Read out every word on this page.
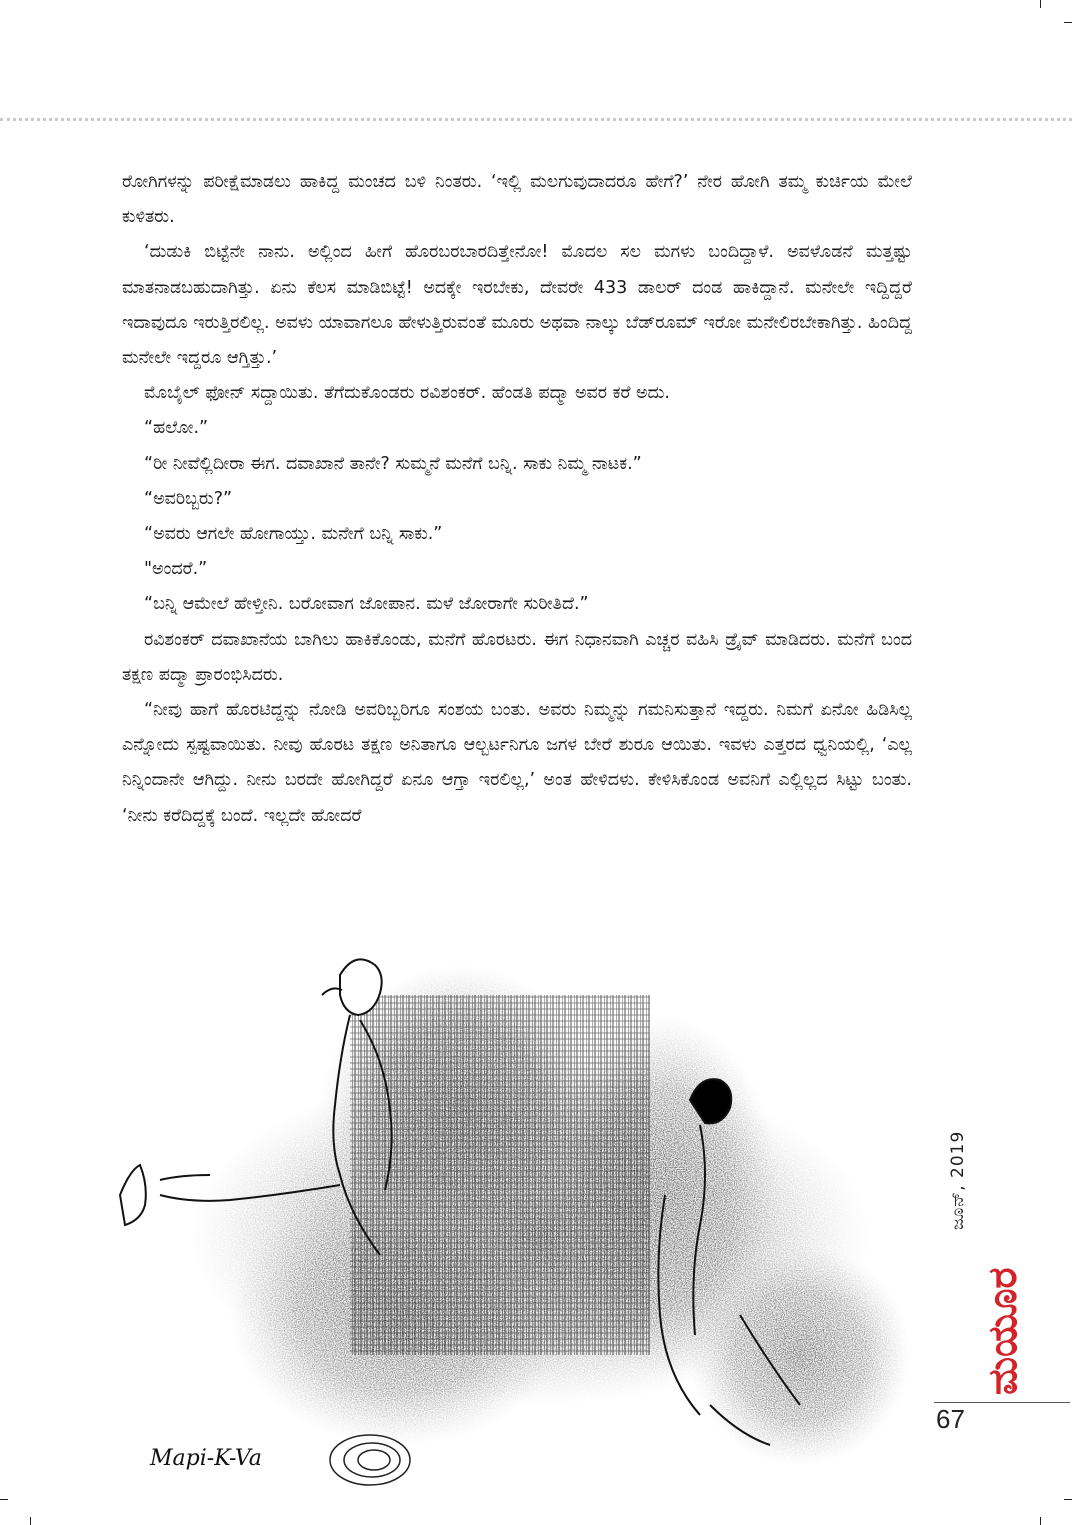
ರೋಗಿಗಳನ್ನು ಪರೀಕ್ಷೆಮಾಡಲು ಹಾಕಿದ್ದ ಮಂಚದ ಬಳಿ ನಿಂತರು. ‘ಇಲ್ಲಿ ಮಲಗುವುದಾದರೂ ಹೇಗೆ?’ ನೇರ ಹೋಗಿ ತಮ್ಮ ಕುರ್ಚಿಯ ಮೇಲೆ ಕುಳಿತರು.

‘ದುಡುಕಿ ಬಿಟ್ಟೆನೇ ನಾನು. ಅಲ್ಲಿಂದ ಹೀಗೆ ಹೊರಬರಬಾರದಿತ್ತೇನೋ! ಮೊದಲ ಸಲ ಮಗಳು ಬಂದಿದ್ದಾಳೆ. ಅವಳೊಡನೆ ಮತ್ತಷ್ಟು ಮಾತನಾಡಬಹುದಾಗಿತ್ತು. ಏನು ಕೆಲಸ ಮಾಡಿಬಿಟ್ಟೆ! ಅದಕ್ಕೇ ಇರಬೇಕು, ದೇವರೇ 433 ಡಾಲರ್ ದಂಡ ಹಾಕಿದ್ದಾನೆ. ಮನೇಲೇ ಇದ್ದಿದ್ದರೆ ಇದಾವುದೂ ಇರುತ್ತಿರಲಿಲ್ಲ. ಅವಳು ಯಾವಾಗಲೂ ಹೇಳುತ್ತಿರುವಂತೆ ಮೂರು ಅಥವಾ ನಾಲ್ಕು ಬೆಡ್‌ರೂಮ್ ಇರೋ ಮನೇಲಿರಬೇಕಾಗಿತ್ತು. ಹಿಂದಿದ್ದ ಮನೇಲೇ ಇದ್ದರೂ ಆಗ್ತಿತ್ತು.’

ಮೊಬೈಲ್ ಫೋನ್ ಸದ್ದಾಯಿತು. ತೆಗೆದುಕೊಂಡರು ರವಿಶಂಕರ್. ಹೆಂಡತಿ ಪದ್ಮಾ ಅವರ ಕರೆ ಅದು.

“ಹಲೋ.”

“ರೀ ನೀವೆಲ್ಲಿದೀರಾ ಈಗ. ದವಾಖಾನೆ ತಾನೇ? ಸುಮ್ಮನೆ ಮನೆಗೆ ಬನ್ನಿ. ಸಾಕು ನಿಮ್ಮ ನಾಟಕ.”

“ಅವರಿಬ್ಬರು?”

“ಅವರು ಆಗಲೇ ಹೋಗಾಯ್ತು. ಮನೇಗೆ ಬನ್ನಿ ಸಾಕು.”

"ಅಂದರೆ.”

“ಬನ್ನಿ ಆಮೇಲೆ ಹೇಳ್ತೀನಿ. ಬರೋವಾಗ ಜೋಪಾನ. ಮಳೆ ಜೋರಾಗೇ ಸುರೀತಿದೆ.”

ರವಿಶಂಕರ್ ದವಾಖಾನೆಯ ಬಾಗಿಲು ಹಾಕಿಕೊಂಡು, ಮನೆಗೆ ಹೊರಟರು. ಈಗ ನಿಧಾನವಾಗಿ ಎಚ್ಚರ ವಹಿಸಿ ಡ್ರೈವ್ ಮಾಡಿದರು. ಮನೆಗೆ ಬಂದ ತಕ್ಷಣ ಪದ್ಮಾ ಪ್ರಾರಂಭಿಸಿದರು.

“ನೀವು ಹಾಗೆ ಹೊರಟಿದ್ದನ್ನು ನೋಡಿ ಅವರಿಬ್ಬರಿಗೂ ಸಂಶಯ ಬಂತು. ಅವರು ನಿಮ್ಮನ್ನು ಗಮನಿಸುತ್ತಾನೆ ಇದ್ದರು. ನಿಮಗೆ ಏನೋ ಹಿಡಿಸಿಲ್ಲ ಎನ್ನೋದು ಸ್ಪಷ್ಟವಾಯಿತು. ನೀವು ಹೊರಟ ತಕ್ಷಣ ಅನಿತಾಗೂ ಆಲ್ಬರ್ಟನಿಗೂ ಜಗಳ ಬೇರೆ ಶುರೂ ಆಯಿತು. ಇವಳು ಎತ್ತರದ ಧ್ವನಿಯಲ್ಲಿ, ‘ಎಲ್ಲ ನಿನ್ನಿಂದಾನೇ ಆಗಿದ್ದು. ನೀನು ಬರದೇ ಹೋಗಿದ್ದರೆ ಏನೂ ಆಗ್ತಾ ಇರಲಿಲ್ಲ,’ ಅಂತ ಹೇಳಿದಳು. ಕೇಳಿಸಿಕೊಂಡ ಅವನಿಗೆ ಎಲ್ಲಿಲ್ಲದ ಸಿಟ್ಟು ಬಂತು. ‘ನೀನು ಕರೆದಿದ್ದಕ್ಕೆ ಬಂದೆ. ಇಲ್ಲದೇ ಹೋದರೆ

Mapi-K-Va
ಜೂನ್, 2019
ಮಯೂರ
67
